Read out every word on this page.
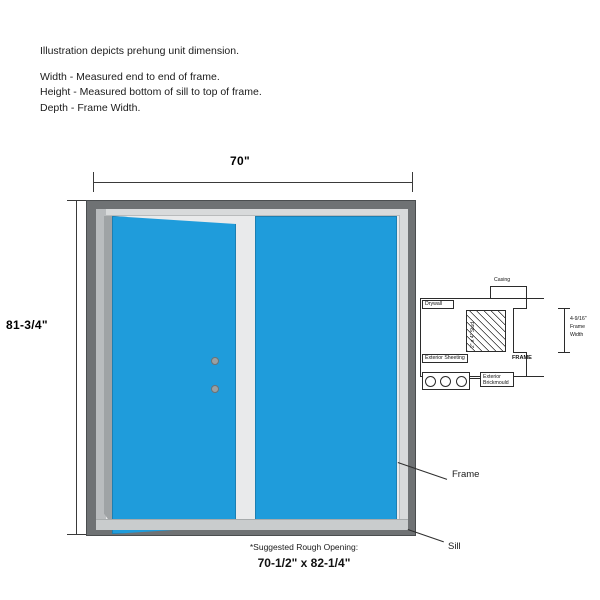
Illustration depicts prehung unit dimension.
Width - Measured end to end of frame.
Height - Measured bottom of sill to top of frame.
Depth - Frame Width.
70"
81-3/4"
Frame
Sill
*Suggested Rough Opening:
70-1/2" x 82-1/4"
Casing
Drywall
2" x 4" Stud
Exterior Sheeting	FRAME
Exterior
Brickmould
4-9/16"
Frame
Width
